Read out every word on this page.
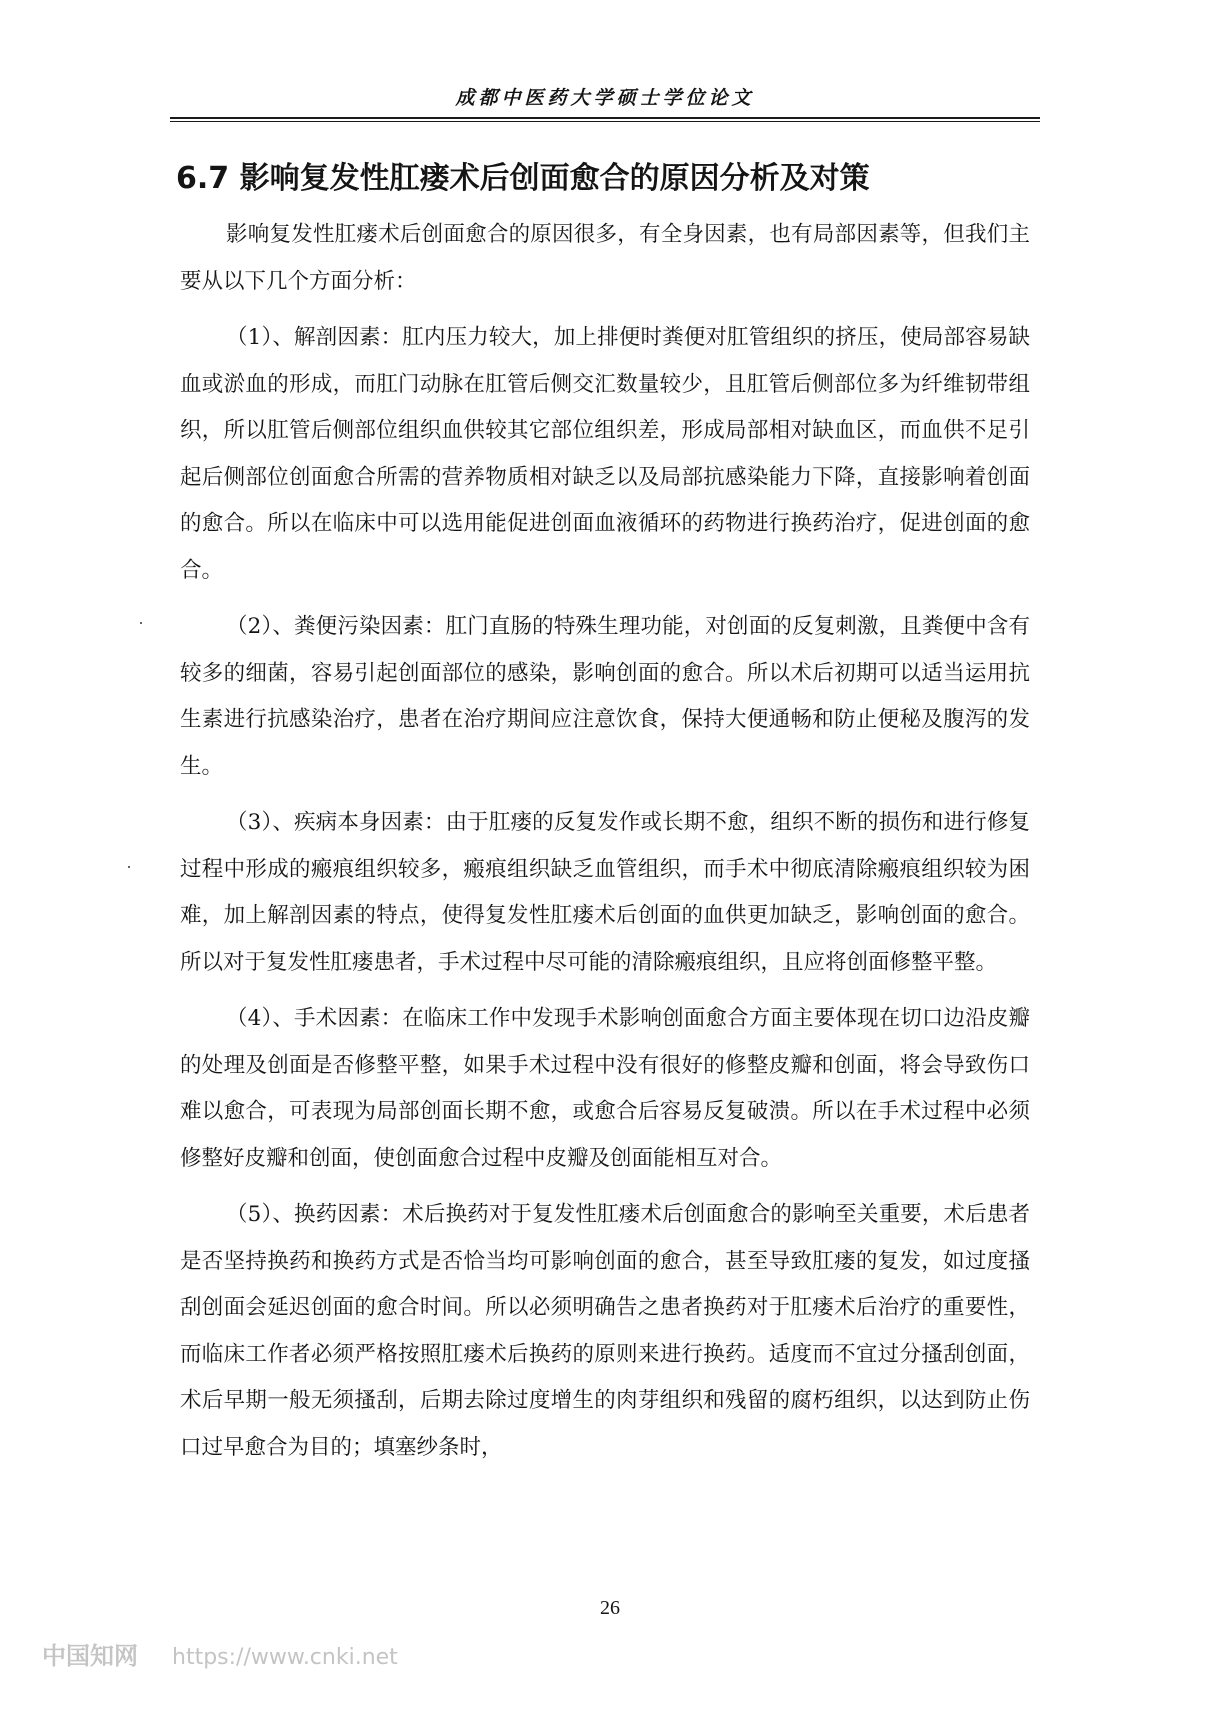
成都中医药大学硕士学位论文
6.7 影响复发性肛瘘术后创面愈合的原因分析及对策

影响复发性肛瘘术后创面愈合的原因很多，有全身因素，也有局部因素等，但我们主要从以下几个方面分析：

（1）、解剖因素：肛内压力较大，加上排便时粪便对肛管组织的挤压，使局部容易缺血或淤血的形成，而肛门动脉在肛管后侧交汇数量较少，且肛管后侧部位多为纤维韧带组织，所以肛管后侧部位组织血供较其它部位组织差，形成局部相对缺血区，而血供不足引起后侧部位创面愈合所需的营养物质相对缺乏以及局部抗感染能力下降，直接影响着创面的愈合。所以在临床中可以选用能促进创面血液循环的药物进行换药治疗，促进创面的愈合。

（2）、粪便污染因素：肛门直肠的特殊生理功能，对创面的反复刺激，且粪便中含有较多的细菌，容易引起创面部位的感染，影响创面的愈合。所以术后初期可以适当运用抗生素进行抗感染治疗，患者在治疗期间应注意饮食，保持大便通畅和防止便秘及腹泻的发生。

（3）、疾病本身因素：由于肛瘘的反复发作或长期不愈，组织不断的损伤和进行修复过程中形成的瘢痕组织较多，瘢痕组织缺乏血管组织，而手术中彻底清除瘢痕组织较为困难，加上解剖因素的特点，使得复发性肛瘘术后创面的血供更加缺乏，影响创面的愈合。所以对于复发性肛瘘患者，手术过程中尽可能的清除瘢痕组织，且应将创面修整平整。

（4）、手术因素：在临床工作中发现手术影响创面愈合方面主要体现在切口边沿皮瓣的处理及创面是否修整平整，如果手术过程中没有很好的修整皮瓣和创面，将会导致伤口难以愈合，可表现为局部创面长期不愈，或愈合后容易反复破溃。所以在手术过程中必须修整好皮瓣和创面，使创面愈合过程中皮瓣及创面能相互对合。

（5）、换药因素：术后换药对于复发性肛瘘术后创面愈合的影响至关重要，术后患者是否坚持换药和换药方式是否恰当均可影响创面的愈合，甚至导致肛瘘的复发，如过度搔刮创面会延迟创面的愈合时间。所以必须明确告之患者换药对于肛瘘术后治疗的重要性，而临床工作者必须严格按照肛瘘术后换药的原则来进行换药。适度而不宜过分搔刮创面，术后早期一般无须搔刮，后期去除过度增生的肉芽组织和残留的腐朽组织，以达到防止伤口过早愈合为目的；填塞纱条时，

26
中国知网 https://www.cnki.net
